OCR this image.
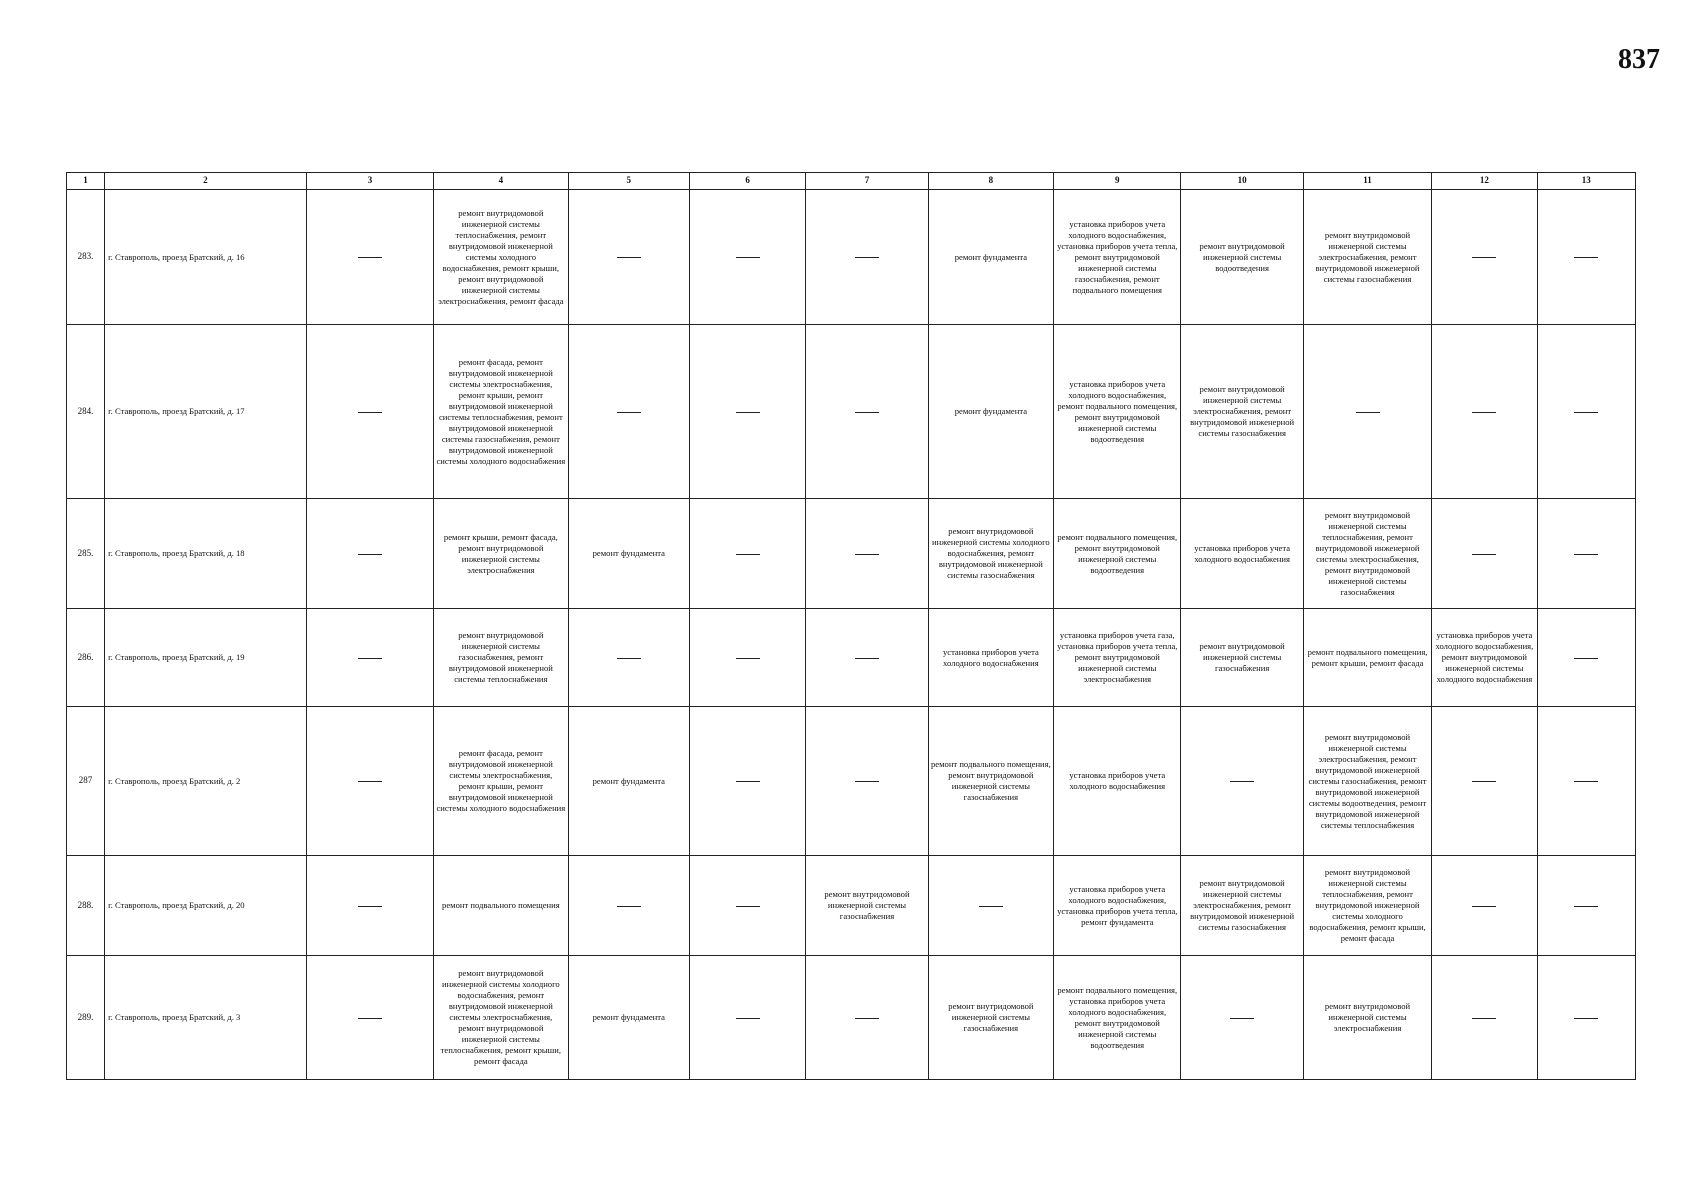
837
1	2	3	4	5	6	7	8	9	10	11	12	13
283.	г. Ставрополь, проезд Братский, д. 16		ремонт внутридомовой инженерной системы теплоснабжения, ремонт внутридомовой инженерной системы холодного водоснабжения, ремонт крыши, ремонт внутридомовой инженерной системы электроснабжения, ремонт фасада				ремонт фундамента	установка приборов учета холодного водоснабжения, установка приборов учета тепла, ремонт внутридомовой инженерной системы газоснабжения, ремонт подвального помещения	ремонт внутридомовой инженерной системы водоотведения	ремонт внутридомовой инженерной системы электроснабжения, ремонт внутридомовой инженерной системы газоснабжения		
284.	г. Ставрополь, проезд Братский, д. 17		ремонт фасада, ремонт внутридомовой инженерной системы электроснабжения, ремонт крыши, ремонт внутридомовой инженерной системы теплоснабжения, ремонт внутридомовой инженерной системы газоснабжения, ремонт внутридомовой инженерной системы холодного водоснабжения				ремонт фундамента	установка приборов учета холодного водоснабжения, ремонт подвального помещения, ремонт внутридомовой инженерной системы водоотведения	ремонт внутридомовой инженерной системы электроснабжения, ремонт внутридомовой инженерной системы газоснабжения			
285.	г. Ставрополь, проезд Братский, д. 18		ремонт крыши, ремонт фасада, ремонт внутридомовой инженерной системы электроснабжения	ремонт фундамента			ремонт внутридомовой инженерной системы холодного водоснабжения, ремонт внутридомовой инженерной системы газоснабжения	ремонт подвального помещения, ремонт внутридомовой инженерной системы водоотведения	установка приборов учета холодного водоснабжения	ремонт внутридомовой инженерной системы теплоснабжения, ремонт внутридомовой инженерной системы электроснабжения, ремонт внутридомовой инженерной системы газоснабжения		
286.	г. Ставрополь, проезд Братский, д. 19		ремонт внутридомовой инженерной системы газоснабжения, ремонт внутридомовой инженерной системы теплоснабжения				установка приборов учета холодного водоснабжения	установка приборов учета газа, установка приборов учета тепла, ремонт внутридомовой инженерной системы электроснабжения	ремонт внутридомовой инженерной системы газоснабжения	ремонт подвального помещения, ремонт крыши, ремонт фасада	установка приборов учета холодного водоснабжения, ремонт внутридомовой инженерной системы холодного водоснабжения	
287	г. Ставрополь, проезд Братский, д. 2		ремонт фасада, ремонт внутридомовой инженерной системы электроснабжения, ремонт крыши, ремонт внутридомовой инженерной системы холодного водоснабжения	ремонт фундамента			ремонт подвального помещения, ремонт внутридомовой инженерной системы газоснабжения	установка приборов учета холодного водоснабжения		ремонт внутридомовой инженерной системы электроснабжения, ремонт внутридомовой инженерной системы газоснабжения, ремонт внутридомовой инженерной системы водоотведения, ремонт внутридомовой инженерной системы теплоснабжения		
288.	г. Ставрополь, проезд Братский, д. 20		ремонт подвального помещения			ремонт внутридомовой инженерной системы газоснабжения		установка приборов учета холодного водоснабжения, установка приборов учета тепла, ремонт фундамента	ремонт внутридомовой инженерной системы электроснабжения, ремонт внутридомовой инженерной системы газоснабжения	ремонт внутридомовой инженерной системы теплоснабжения, ремонт внутридомовой инженерной системы холодного водоснабжения, ремонт крыши, ремонт фасада		
289.	г. Ставрополь, проезд Братский, д. 3		ремонт внутридомовой инженерной системы холодного водоснабжения, ремонт внутридомовой инженерной системы электроснабжения, ремонт внутридомовой инженерной системы теплоснабжения, ремонт крыши, ремонт фасада	ремонт фундамента			ремонт внутридомовой инженерной системы газоснабжения	ремонт подвального помещения, установка приборов учета холодного водоснабжения, ремонт внутридомовой инженерной системы водоотведения		ремонт внутридомовой инженерной системы электроснабжения		
